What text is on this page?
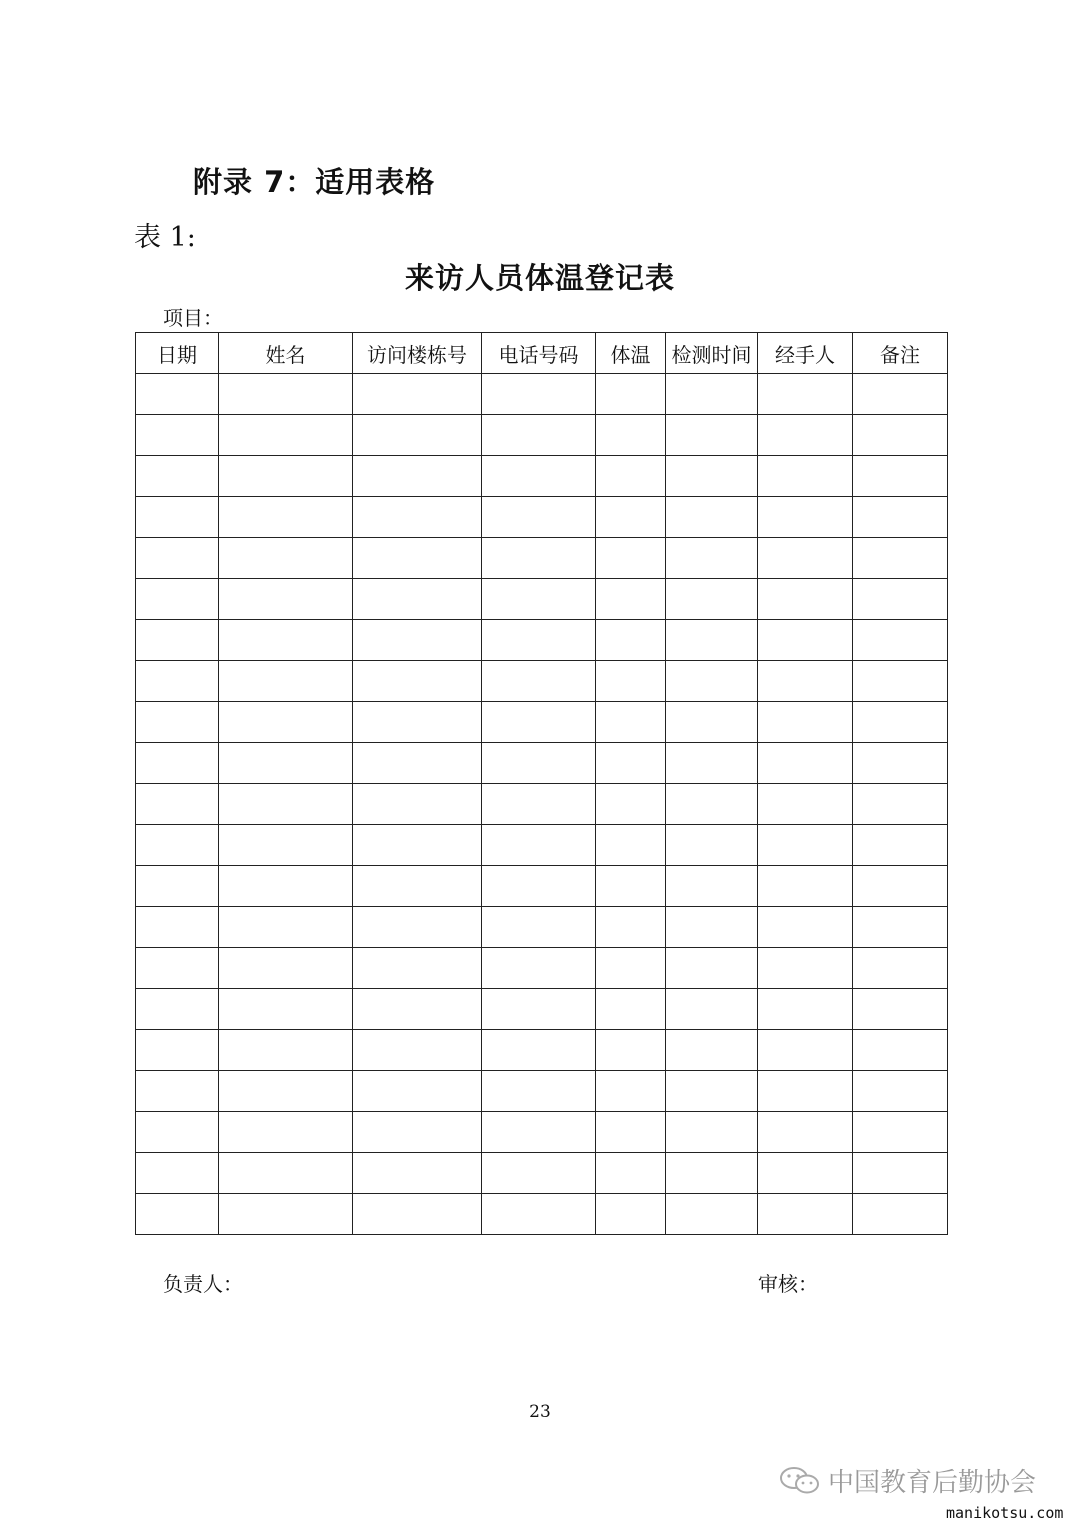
附录 7：适用表格
表 1:
来访人员体温登记表
项目：
日期	姓名	访问楼栋号	电话号码	体温	检测时间	经手人	备注

负责人：	审核：
23
中国教育后勤协会
manikotsu.com
